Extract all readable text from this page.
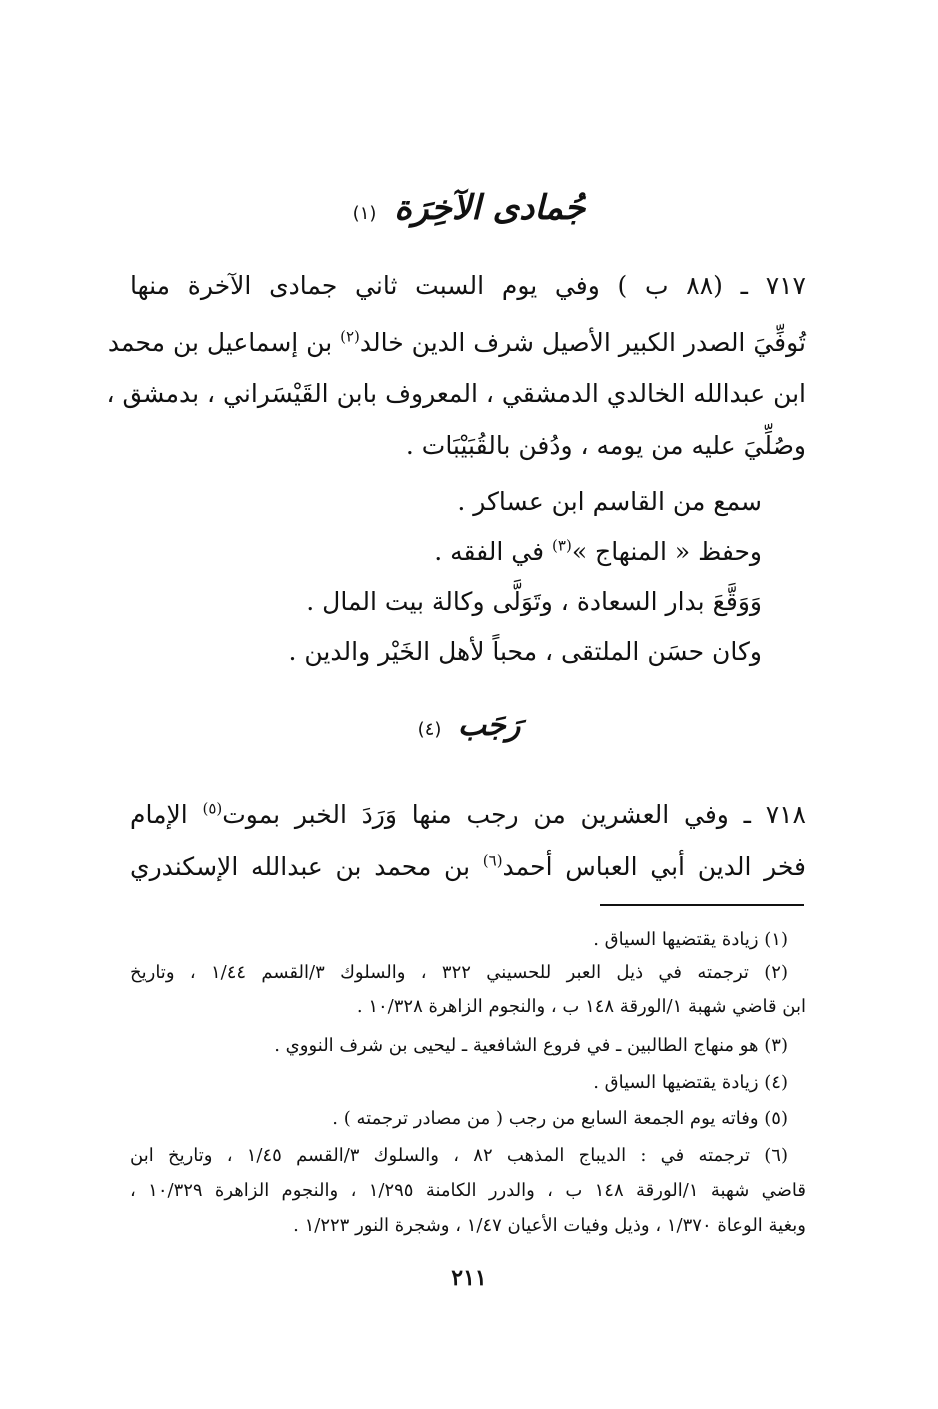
جُمادى الآخِرَة (١)
٧١٧ ـ (٨٨ ب ) وفي يوم السبت ثاني جمادى الآخرة منها
تُوفِّيَ الصدر الكبير الأصيل شرف الدين خالد$^{(٢)}$ بن إسماعيل بن محمد
ابن عبدالله الخالدي الدمشقي ، المعروف بابن القَيْسَراني ، بدمشق ،
وصُلِّيَ عليه من يومه ، ودُفن بالقُبَيْبَات .
سمع من القاسم ابن عساكر .
وحفظ « المنهاج »$^{(٣)}$ في الفقه .
وَوَقَّعَ بدار السعادة ، وتَوَلَّى وكالة بيت المال .
وكان حسَن الملتقى ، محباً لأهل الخَيْر والدين .
رَجَب (٤)
٧١٨ ـ وفي العشرين من رجب منها وَرَدَ الخبر بموت$^{(٥)}$ الإمام
فخر الدين أبي العباس أحمد$^{(٦)}$ بن محمد بن عبدالله الإسكندري
(١) زيادة يقتضيها السياق .
(٢) ترجمته في ذيل العبر للحسيني ٣٢٢ ، والسلوك ٣/القسم ١/٤٤ ، وتاريخ
ابن قاضي شهبة ١/الورقة ١٤٨ ب ، والنجوم الزاهرة ١٠/٣٢٨ .
(٣) هو منهاج الطالبين ـ في فروع الشافعية ـ ليحيى بن شرف النووي .
(٤) زيادة يقتضيها السياق .
(٥) وفاته يوم الجمعة السابع من رجب ( من مصادر ترجمته ) .
(٦) ترجمته في : الديباج المذهب ٨٢ ، والسلوك ٣/القسم ١/٤٥ ، وتاريخ ابن
قاضي شهبة ١/الورقة ١٤٨ ب ، والدرر الكامنة ١/٢٩٥ ، والنجوم الزاهرة ١٠/٣٢٩ ،
وبغية الوعاة ١/٣٧٠ ، وذيل وفيات الأعيان ١/٤٧ ، وشجرة النور ١/٢٢٣ .
٢١١
